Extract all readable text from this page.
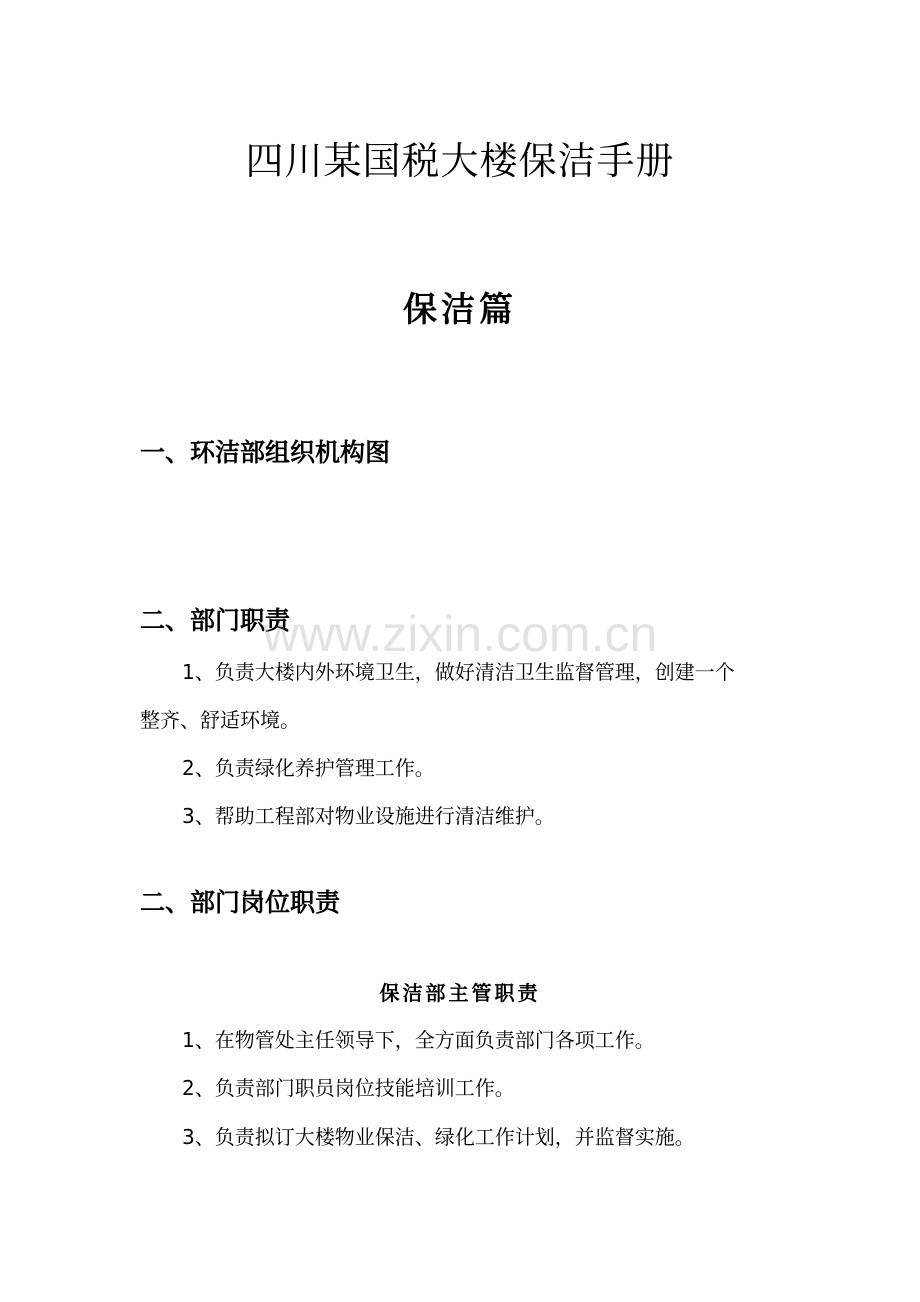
四川某国税大楼保洁手册
保洁篇
一、环洁部组织机构图
二、部门职责
1、负责大楼内外环境卫生，做好清洁卫生监督管理，创建一个
整齐、舒适环境。
2、负责绿化养护管理工作。
3、帮助工程部对物业设施进行清洁维护。
二、部门岗位职责
保洁部主管职责
1、在物管处主任领导下，全方面负责部门各项工作。
2、负责部门职员岗位技能培训工作。
3、负责拟订大楼物业保洁、绿化工作计划，并监督实施。
www.zixin.com.cn
